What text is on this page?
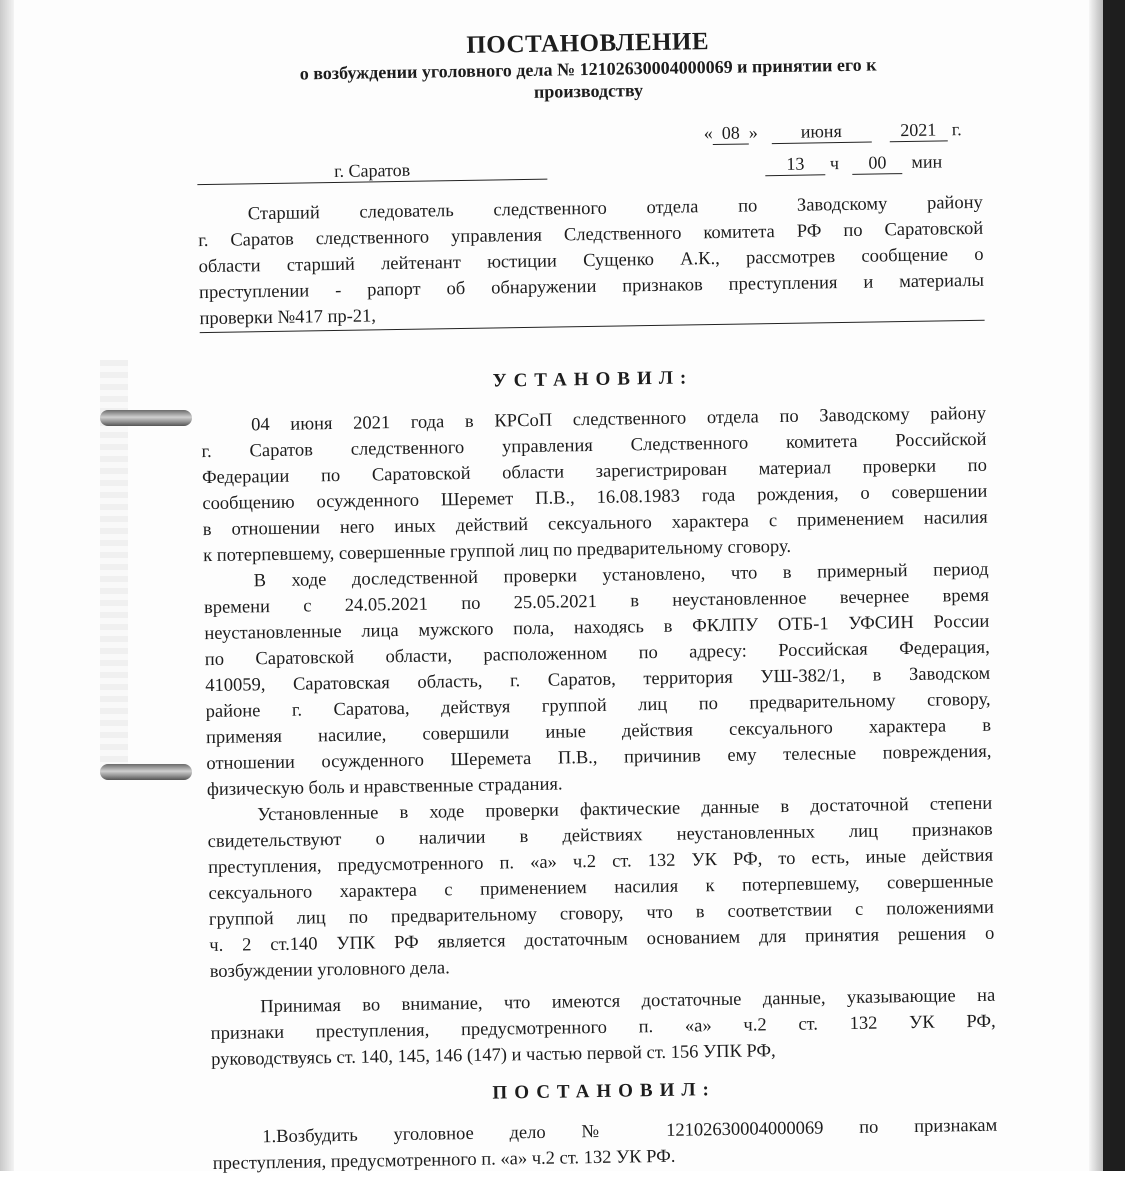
ПОСТАНОВЛЕНИЕ

о возбуждении уголовного дела № 12102630004000069 и принятии его к

производству

г. Саратов
« 08 » июня	2021 г.
13 ч 00 мин

Старший следователь следственного отдела по Заводскому району

г. Саратов следственного управления Следственного комитета РФ по Саратовской

области старший лейтенант юстиции Сущенко А.К., рассмотрев сообщение о

преступлении - рапорт об обнаружении признаков преступления и материалы

проверки №417 пр-21,

УСТАНОВИЛ:

04 июня 2021 года в КРСоП следственного отдела по Заводскому району

г. Саратов следственного управления Следственного комитета Российской

Федерации по Саратовской области зарегистрирован материал проверки по

сообщению осужденного Шеремет П.В., 16.08.1983 года рождения, о совершении

в отношении него иных действий сексуального характера с применением насилия

к потерпевшему, совершенные группой лиц по предварительному сговору.

В ходе доследственной проверки установлено, что в примерный период

времени с 24.05.2021 по 25.05.2021 в неустановленное вечернее время

неустановленные лица мужского пола, находясь в ФКЛПУ ОТБ-1 УФСИН России

по Саратовской области, расположенном по адресу: Российская Федерация,

410059, Саратовская область, г. Саратов, территория УШ-382/1, в Заводском

районе г. Саратова, действуя группой лиц по предварительному сговору,

применяя насилие, совершили иные действия сексуального характера в

отношении осужденного Шеремета П.В., причинив ему телесные повреждения,

физическую боль и нравственные страдания.

Установленные в ходе проверки фактические данные в достаточной степени

свидетельствуют о наличии в действиях неустановленных лиц признаков

преступления, предусмотренного п. «а» ч.2 ст. 132 УК РФ, то есть, иные действия

сексуального характера с применением насилия к потерпевшему, совершенные

группой лиц по предварительному сговору, что в соответствии с положениями

ч. 2 ст.140 УПК РФ является достаточным основанием для принятия решения о

возбуждении уголовного дела.

Принимая во внимание, что имеются достаточные данные, указывающие на

признаки преступления, предусмотренного п. «а» ч.2 ст. 132 УК РФ,

руководствуясь ст. 140, 145, 146 (147) и частью первой ст. 156 УПК РФ,

ПОСТАНОВИЛ:

1.Возбудить уголовное дело № 12102630004000069 по признакам

преступления, предусмотренного п. «а» ч.2 ст. 132 УК РФ.
